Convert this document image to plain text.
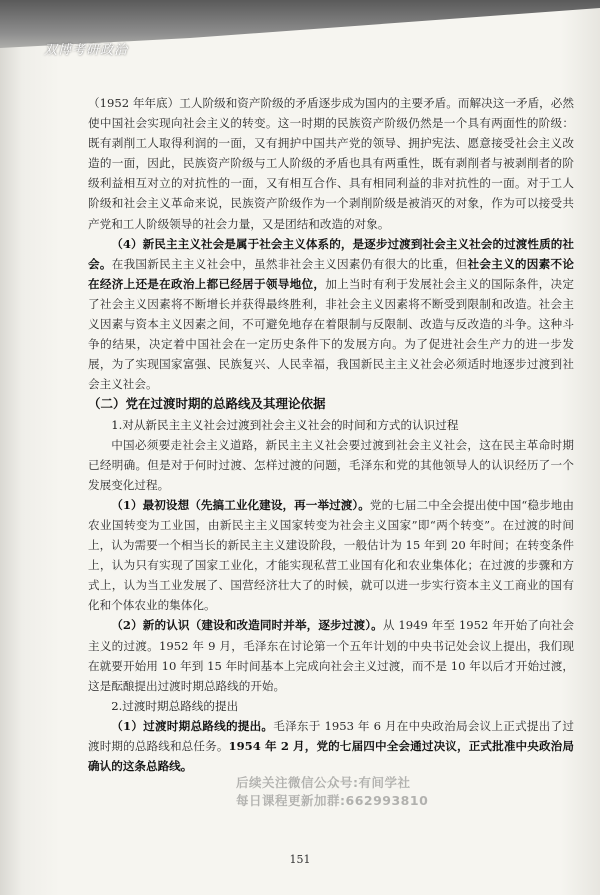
双博考研政治

（1952 年年底）工人阶级和资产阶级的矛盾逐步成为国内的主要矛盾。而解决这一矛盾，必然使中国社会实现向社会主义的转变。这一时期的民族资产阶级仍然是一个具有两面性的阶级：既有剥削工人取得利润的一面，又有拥护中国共产党的领导、拥护宪法、愿意接受社会主义改造的一面，因此，民族资产阶级与工人阶级的矛盾也具有两重性，既有剥削者与被剥削者的阶级利益相互对立的对抗性的一面，又有相互合作、具有相同利益的非对抗性的一面。对于工人阶级和社会主义革命来说，民族资产阶级作为一个剥削阶级是被消灭的对象，作为可以接受共产党和工人阶级领导的社会力量，又是团结和改造的对象。

（4）新民主主义社会是属于社会主义体系的，是逐步过渡到社会主义社会的过渡性质的社会。在我国新民主主义社会中，虽然非社会主义因素仍有很大的比重，但社会主义的因素不论在经济上还是在政治上都已经居于领导地位，加上当时有利于发展社会主义的国际条件，决定了社会主义因素将不断增长并获得最终胜利，非社会主义因素将不断受到限制和改造。社会主义因素与资本主义因素之间，不可避免地存在着限制与反限制、改造与反改造的斗争。这种斗争的结果，决定着中国社会在一定历史条件下的发展方向。为了促进社会生产力的进一步发展，为了实现国家富强、民族复兴、人民幸福，我国新民主主义社会必须适时地逐步过渡到社会主义社会。

（二）党在过渡时期的总路线及其理论依据

1.对从新民主主义社会过渡到社会主义社会的时间和方式的认识过程

中国必须要走社会主义道路，新民主主义社会要过渡到社会主义社会，这在民主革命时期已经明确。但是对于何时过渡、怎样过渡的问题，毛泽东和党的其他领导人的认识经历了一个发展变化过程。

（1）最初设想（先搞工业化建设，再一举过渡）。党的七届二中全会提出使中国“稳步地由农业国转变为工业国，由新民主主义国家转变为社会主义国家”即“两个转变”。在过渡的时间上，认为需要一个相当长的新民主主义建设阶段，一般估计为 15 年到 20 年时间；在转变条件上，认为只有实现了国家工业化，才能实现私营工业国有化和农业集体化；在过渡的步骤和方式上，认为当工业发展了、国营经济壮大了的时候，就可以进一步实行资本主义工商业的国有化和个体农业的集体化。

（2）新的认识（建设和改造同时并举，逐步过渡）。从 1949 年至 1952 年开始了向社会主义的过渡。1952 年 9 月，毛泽东在讨论第一个五年计划的中央书记处会议上提出，我们现在就要开始用 10 年到 15 年时间基本上完成向社会主义过渡，而不是 10 年以后才开始过渡，这是酝酿提出过渡时期总路线的开始。

2.过渡时期总路线的提出

（1）过渡时期总路线的提出。毛泽东于 1953 年 6 月在中央政治局会议上正式提出了过渡时期的总路线和总任务。1954 年 2 月，党的七届四中全会通过决议，正式批准中央政治局确认的这条总路线。

后续关注微信公众号:有间学社
每日课程更新加群:662993810
151
